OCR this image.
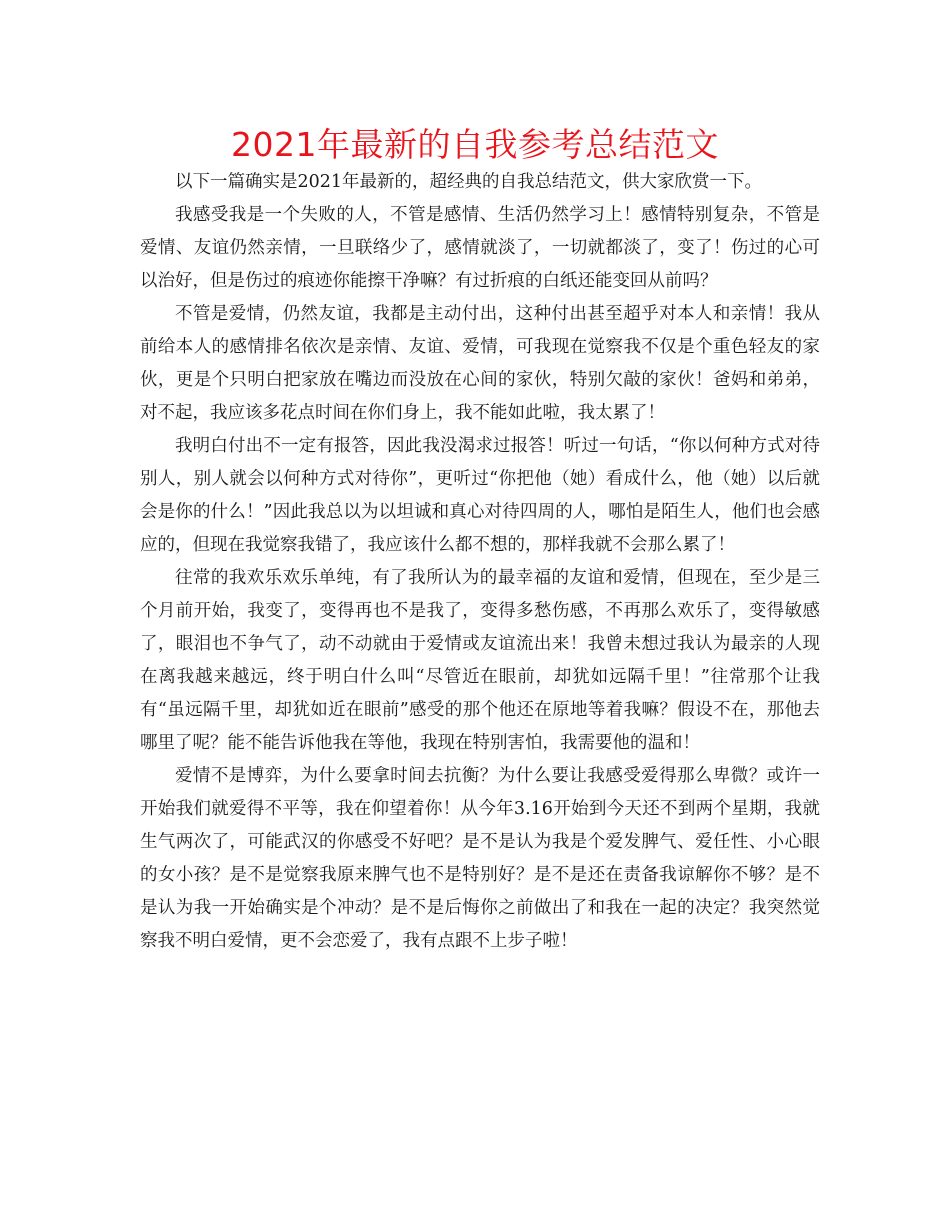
2021年最新的自我参考总结范文

以下一篇确实是2021年最新的，超经典的自我总结范文，供大家欣赏一下。

我感受我是一个失败的人，不管是感情、生活仍然学习上！感情特别复杂，不管是爱情、友谊仍然亲情，一旦联络少了，感情就淡了，一切就都淡了，变了！伤过的心可以治好，但是伤过的痕迹你能擦干净嘛？有过折痕的白纸还能变回从前吗？

不管是爱情，仍然友谊，我都是主动付出，这种付出甚至超乎对本人和亲情！我从前给本人的感情排名依次是亲情、友谊、爱情，可我现在觉察我不仅是个重色轻友的家伙，更是个只明白把家放在嘴边而没放在心间的家伙，特别欠敲的家伙！爸妈和弟弟，对不起，我应该多花点时间在你们身上，我不能如此啦，我太累了！

我明白付出不一定有报答，因此我没渴求过报答！听过一句话，“你以何种方式对待别人，别人就会以何种方式对待你”，更听过“你把他（她）看成什么，他（她）以后就会是你的什么！”因此我总以为以坦诚和真心对待四周的人，哪怕是陌生人，他们也会感应的，但现在我觉察我错了，我应该什么都不想的，那样我就不会那么累了！

往常的我欢乐欢乐单纯，有了我所认为的最幸福的友谊和爱情，但现在，至少是三个月前开始，我变了，变得再也不是我了，变得多愁伤感，不再那么欢乐了，变得敏感了，眼泪也不争气了，动不动就由于爱情或友谊流出来！我曾未想过我认为最亲的人现在离我越来越远，终于明白什么叫“尽管近在眼前，却犹如远隔千里！”往常那个让我有“虽远隔千里，却犹如近在眼前”感受的那个他还在原地等着我嘛？假设不在，那他去哪里了呢？能不能告诉他我在等他，我现在特别害怕，我需要他的温和！

爱情不是博弈，为什么要拿时间去抗衡？为什么要让我感受爱得那么卑微？或许一开始我们就爱得不平等，我在仰望着你！从今年3.16开始到今天还不到两个星期，我就生气两次了，可能武汉的你感受不好吧？是不是认为我是个爱发脾气、爱任性、小心眼的女小孩？是不是觉察我原来脾气也不是特别好？是不是还在责备我谅解你不够？是不是认为我一开始确实是个冲动？是不是后悔你之前做出了和我在一起的决定？我突然觉察我不明白爱情，更不会恋爱了，我有点跟不上步子啦！
